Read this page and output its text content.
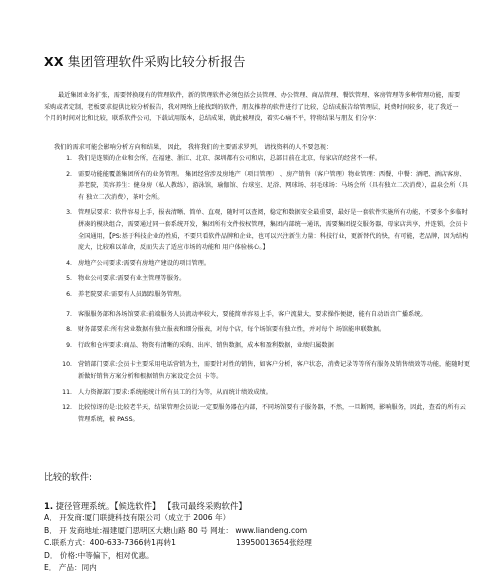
XX 集团管理软件采购比较分析报告
最近集团业务扩张，需要替换现有的管理软件，新的管理软件必须包括会员管理、办公管理、商品管理、餐饮管理、客房管理等多种管理功能，需要采购或者定制，老板要求提供比较分析报告，我对网络上能找到的软件，朋友推荐的软件进行了比较，总结成报告给管理层，耗费时间较多，花了我近一个月的时间对比和比较，联系软件公司，下载试用版本，总结成果，就此被埋没，着实心痛不平，特将结果与朋友 们分享：
我们的需求可能会影响分析方向和结果， 因此， 我将我们的主要需求罗列， 请找资料的人不要忽视：
1. 我们是连锁的企业和会所，在福建、浙江、北京、深圳都有公司和店，总部目前在北京，每家店的经营不一样。
2. 需要功能能覆盖集团所有的业务管理。 集团经营涉及房地产（项目管理） 、房产销售（客户管理）物业管理：西餐、中餐：酒吧、酒店客房、养老院，美容养生：健身房（私人教练），游泳馆，瑜伽馆、台球室、足浴、网球场、羽毛球场：马场会所（具有独立二次消费），温泉会所（具有 独立二次消费），茶叶会所。
3. 管理层要求：软件容易上手，报表清晰、简单、直观，随时可以查阅，稳定和数据安全最重要，最好是一套软件实施所有功能，不要多个多临时拼凑的模块组合，需要通过同一套系统开发，集团所有文件按权管理，集团内部统一通讯，需要集团提交服务器，母家店共享，并连锁，会员卡全国通用，【PS:基于科技企业的性质，不要只看软件品牌和企业，也可以兴注新生力量：科技行业，更新替代的快，有可能，老品牌，因为结构庞大，比较难以革命，反而失去了适应市场的功能和 用户体验核心。】
4. 房地产公司要求:需要有房地产建设的项目管理。
5. 物业公司要求:需要有业主管理等服务。
6. 养老院要求:需要有人员跟踪服务管理。
7. 客服服务部和各场馆要求:前端服务人员流动率较大，要能简单容易上手，客户流量大，要求操作便捷，能有自动语音广播系统。
8. 财务部要求:所有营业数据有独立报表和细分报表，对每个店，每个场馆要有独立性，并对每个 场馆能串联数据。
9. 行政和仓库要求:商品、物资有清晰的采购、出库、销售数据，成本和盈利数据，业绩归属数据
10. 营销部门要求:会员卡主要采用电话营销为主，需要针对性的销售，如客户分析，客户状态，消费记录等等所有服务及销售绩效等功能，能随时更新做好销售方案分析和根据销售方案设定会员 卡等。
11. 人力资源部门要求:系统能统计所有员工的行为等，从而统计绩效成绩。
12. 比较惊讶的是:比较老半天，结果管理会员说:一定要服务器在内部，不同场馆要有子服务器，不然，一旦断网，影响服务，因此，查看的所有云管理系统，被 PASS。
比较的软件:
1. 捷径管理系统。【候选软件】 【我司最终采购软件】
A． 开发商:厦门联捷科技有限公司（成立于 2006 年）
B． 开 发商地址:福建厦门思明区大塘山路 80 号 网址： www.liandeng.com
C.联系方式：400-633-7366转1再转1	13950013654张经理
D． 价格:中等偏下，相对优惠。
E． 产品：同内
